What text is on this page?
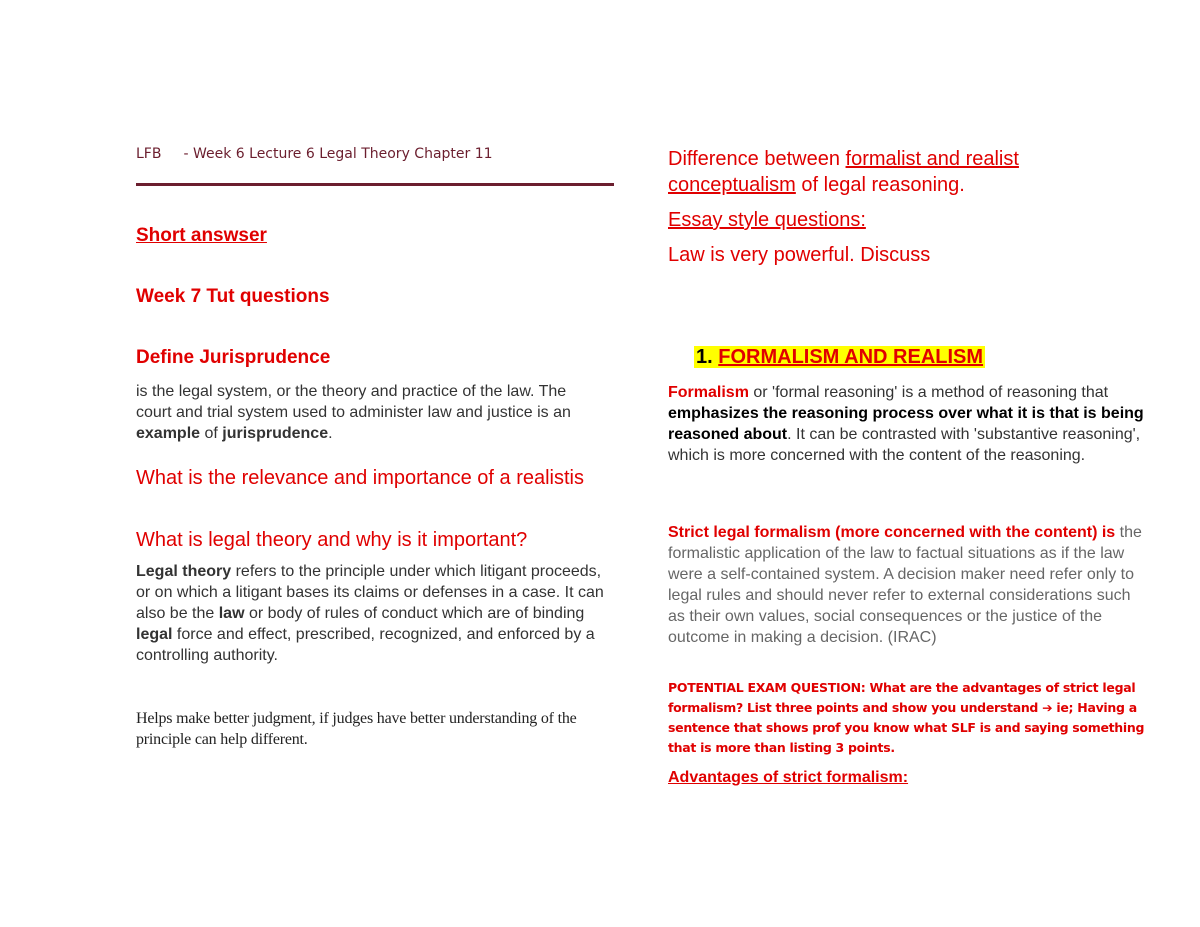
LFB - Week 6 Lecture 6 Legal Theory Chapter 11
Short answser
Week 7 Tut questions
Define Jurisprudence
is the legal system, or the theory and practice of the law. The court and trial system used to administer law and justice is an example of jurisprudence.
What is the relevance and importance of a realistis
What is legal theory and why is it important?
Legal theory refers to the principle under which litigant proceeds, or on which a litigant bases its claims or defenses in a case. It can also be the law or body of rules of conduct which are of binding legal force and effect, prescribed, recognized, and enforced by a controlling authority.
Helps make better judgment, if judges have better understanding of the principle can help different.
Difference between formalist and realist conceptualism of legal reasoning.
Essay style questions:
Law is very powerful. Discuss
1. FORMALISM AND REALISM
Formalism or 'formal reasoning' is a method of reasoning that emphasizes the reasoning process over what it is that is being reasoned about. It can be contrasted with 'substantive reasoning', which is more concerned with the content of the reasoning.
Strict legal formalism (more concerned with the content) is the formalistic application of the law to factual situations as if the law were a self-contained system. A decision maker need refer only to legal rules and should never refer to external considerations such as their own values, social consequences or the justice of the outcome in making a decision. (IRAC)
POTENTIAL EXAM QUESTION: What are the advantages of strict legal formalism? List three points and show you understand ➔ ie; Having a sentence that shows prof you know what SLF is and saying something that is more than listing 3 points.
Advantages of strict formalism:
